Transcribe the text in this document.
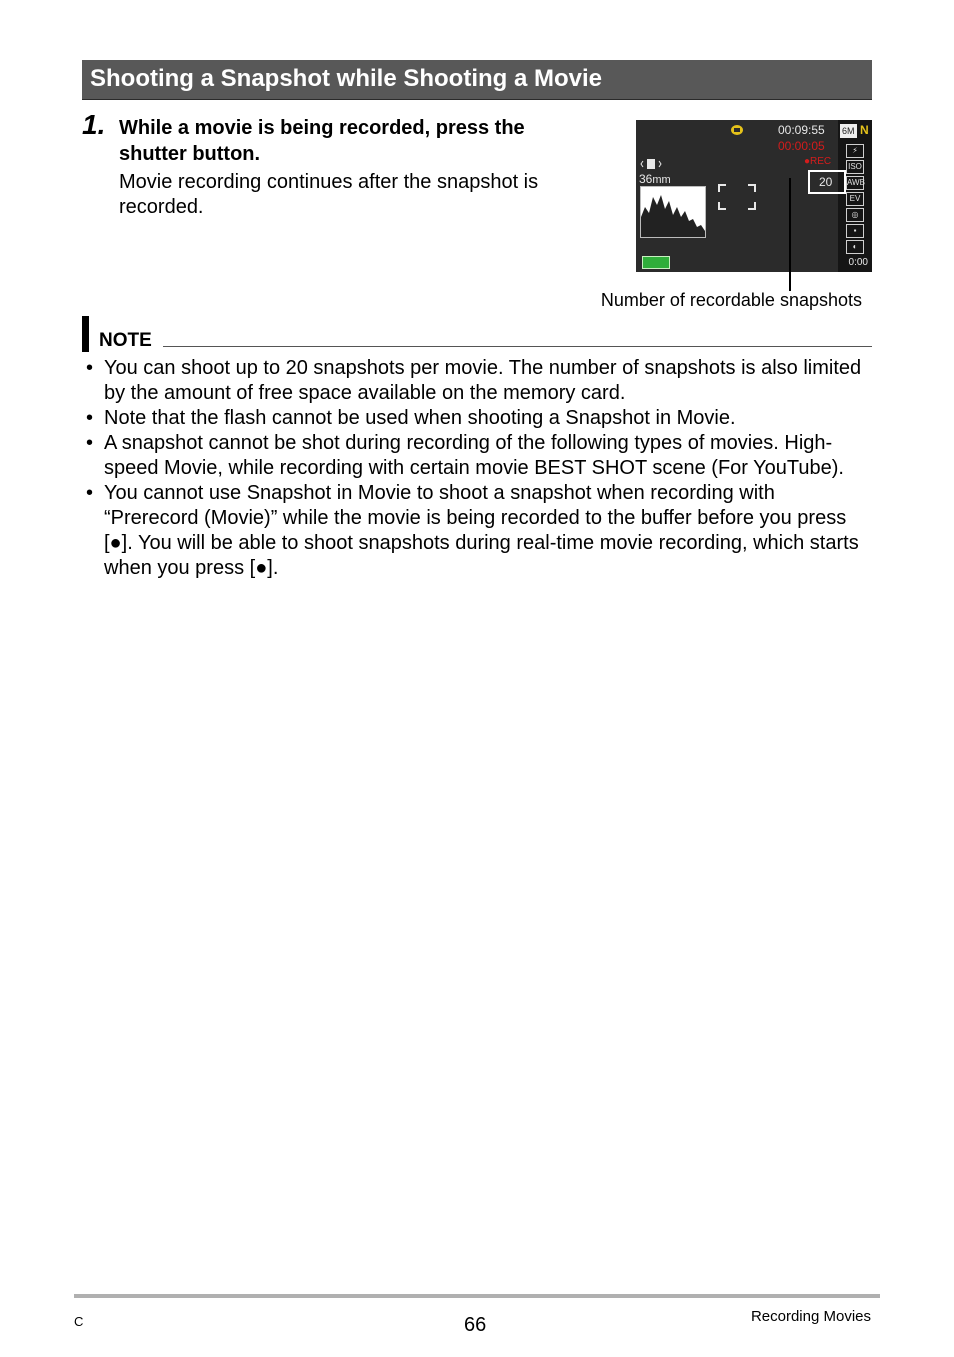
Shooting a Snapshot while Shooting a Movie
1. While a movie is being recorded, press the shutter button.
Movie recording continues after the snapshot is recorded.
00:09:55
00:00:05
●REC
6M N
36mm	20
⚡
ISO
AWB
EV
◎
▪
◐
0:00
Number of recordable snapshots
NOTE
• You can shoot up to 20 snapshots per movie. The number of snapshots is also limited by the amount of free space available on the memory card.
• Note that the flash cannot be used when shooting a Snapshot in Movie.
• A snapshot cannot be shot during recording of the following types of movies. High-speed Movie, while recording with certain movie BEST SHOT scene (For YouTube).
• You cannot use Snapshot in Movie to shoot a snapshot when recording with “Prerecord (Movie)” while the movie is being recorded to the buffer before you press [●]. You will be able to shoot snapshots during real-time movie recording, which starts when you press [●].
C	66	Recording Movies
